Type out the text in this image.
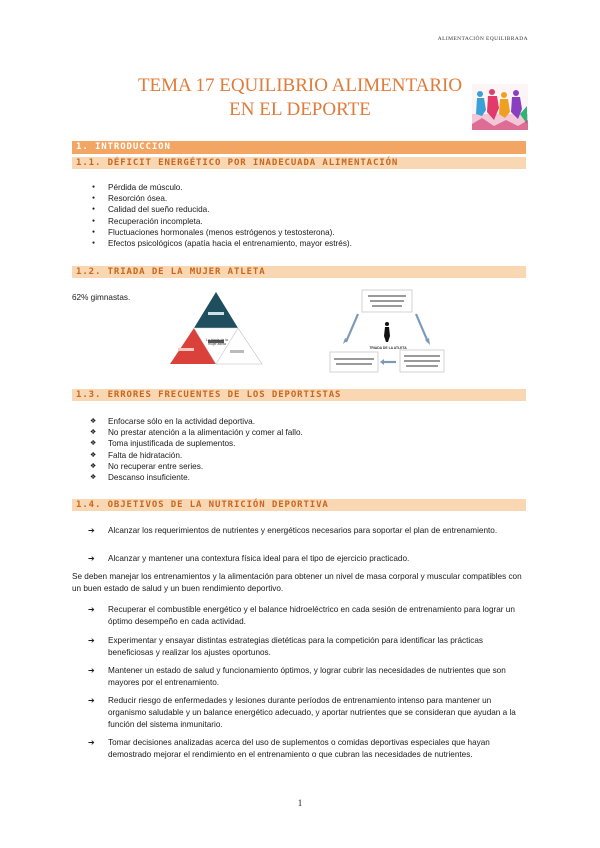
ALIMENTACIÓN EQUILIBRADA
TEMA 17 EQUILIBRIO ALIMENTARIO
EN EL DEPORTE
1. INTRODUCCION
1.1. DÉFICIT ENERGÉTICO POR INADECUADA ALIMENTACIÓN
● Pérdida de músculo.
● Resorción ósea.
● Calidad del sueño reducida.
● Recuperación incompleta.
● Fluctuaciones hormonales (menos estrógenos y testosterona).
● Efectos psicológicos (apatía hacia el entrenamiento, mayor estrés).
1.2. TRIADA DE LA MUJER ATLETA
62% gimnastas.
La tríada de la mujer atleta
TRIADA DE LA ATLETA
1.3. ERRORES FRECUENTES DE LOS DEPORTISTAS
❖ Enfocarse sólo en la actividad deportiva.
❖ No prestar atención a la alimentación y comer al fallo.
❖ Toma injustificada de suplementos.
❖ Falta de hidratación.
❖ No recuperar entre series.
❖ Descanso insuficiente.
1.4. OBJETIVOS DE LA NUTRICIÓN DEPORTIVA
➔ Alcanzar los requerimientos de nutrientes y energéticos necesarios para soportar el plan de entrenamiento.
➔ Alcanzar y mantener una contextura física ideal para el tipo de ejercicio practicado.
Se deben manejar los entrenamientos y la alimentación para obtener un nivel de masa corporal y muscular compatibles con un buen estado de salud y un buen rendimiento deportivo.
➔ Recuperar el combustible energético y el balance hidroeléctrico en cada sesión de entrenamiento para lograr un óptimo desempeño en cada actividad.
➔ Experimentar y ensayar distintas estrategias dietéticas para la competición para identificar las prácticas beneficiosas y realizar los ajustes oportunos.
➔ Mantener un estado de salud y funcionamiento óptimos, y lograr cubrir las necesidades de nutrientes que son mayores por el entrenamiento.
➔ Reducir riesgo de enfermedades y lesiones durante períodos de entrenamiento intenso para mantener un organismo saludable y un balance energético adecuado, y aportar nutrientes que se consideran que ayudan a la función del sistema inmunitario.
➔ Tomar decisiones analizadas acerca del uso de suplementos o comidas deportivas especiales que hayan demostrado mejorar el rendimiento en el entrenamiento o que cubran las necesidades de nutrientes.
1
